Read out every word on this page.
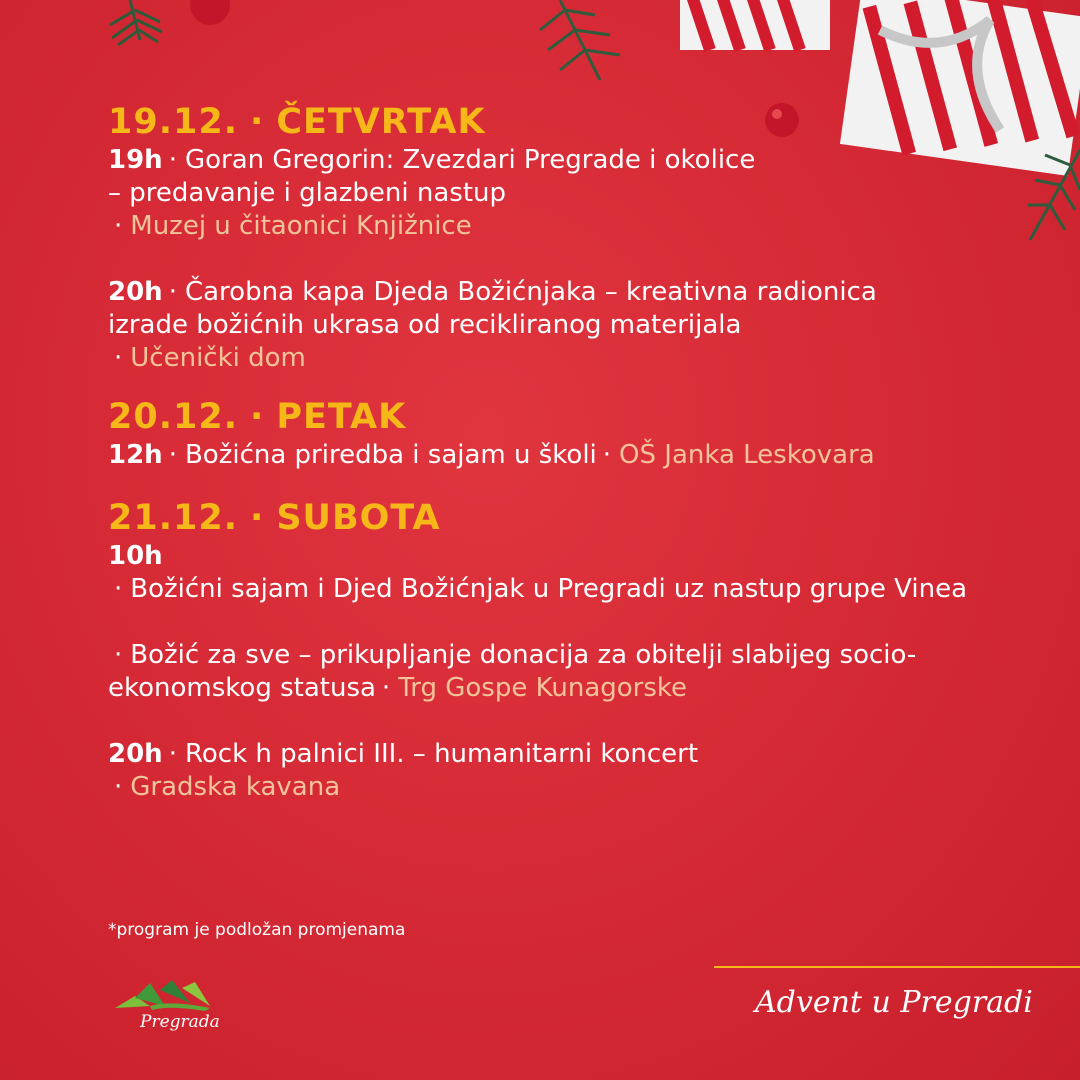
19.12. · ČETVRTAK
19h · Goran Gregorin: Zvezdari Pregrade i okolice
– predavanje i glazbeni nastup
· Muzej u čitaonici Knjižnice
20h · Čarobna kapa Djeda Božićnjaka – kreativna radionica
izrade božićnih ukrasa od recikliranog materijala
· Učenički dom
20.12. · PETAK
12h · Božićna priredba i sajam u školi · OŠ Janka Leskovara
21.12. · SUBOTA
10h
· Božićni sajam i Djed Božićnjak u Pregradi uz nastup grupe Vinea
· Božić za sve – prikupljanje donacija za obitelji slabijeg socio-
ekonomskog statusa · Trg Gospe Kunagorske
20h · Rock h palnici III. – humanitarni koncert
· Gradska kavana
*program je podložan promjenama
Pregrada
Advent u Pregradi
